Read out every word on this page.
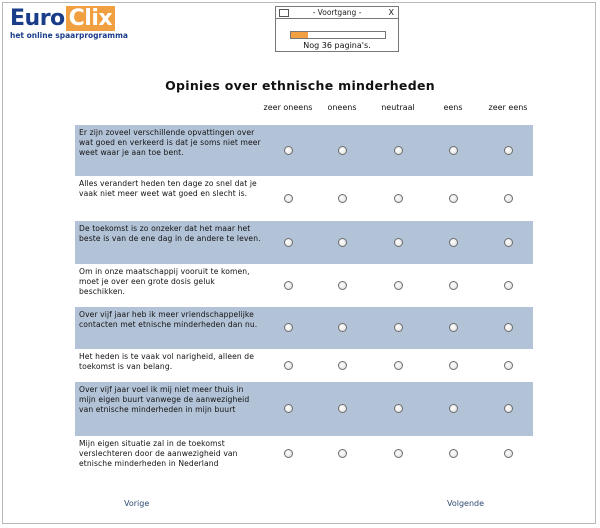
Euro Clix
het online spaarprogramma
- Voortgang -	X
Nog 36 pagina's.
Opinies over ethnische minderheden
zeer oneens	oneens	neutraal	eens	zeer eens
Er zijn zoveel verschillende opvattingen over wat goed en verkeerd is dat je soms niet meer weet waar je aan toe bent.
Alles verandert heden ten dage zo snel dat je vaak niet meer weet wat goed en slecht is.
De toekomst is zo onzeker dat het maar het beste is van de ene dag in de andere te leven.
Om in onze maatschappij vooruit te komen, moet je over een grote dosis geluk beschikken.
Over vijf jaar heb ik meer vriendschappelijke contacten met etnische minderheden dan nu.
Het heden is te vaak vol narigheid, alleen de toekomst is van belang.
Over vijf jaar voel ik mij niet meer thuis in mijn eigen buurt vanwege de aanwezigheid van etnische minderheden in mijn buurt
Mijn eigen situatie zal in de toekomst verslechteren door de aanwezigheid van etnische minderheden in Nederland
Vorige	Volgende
